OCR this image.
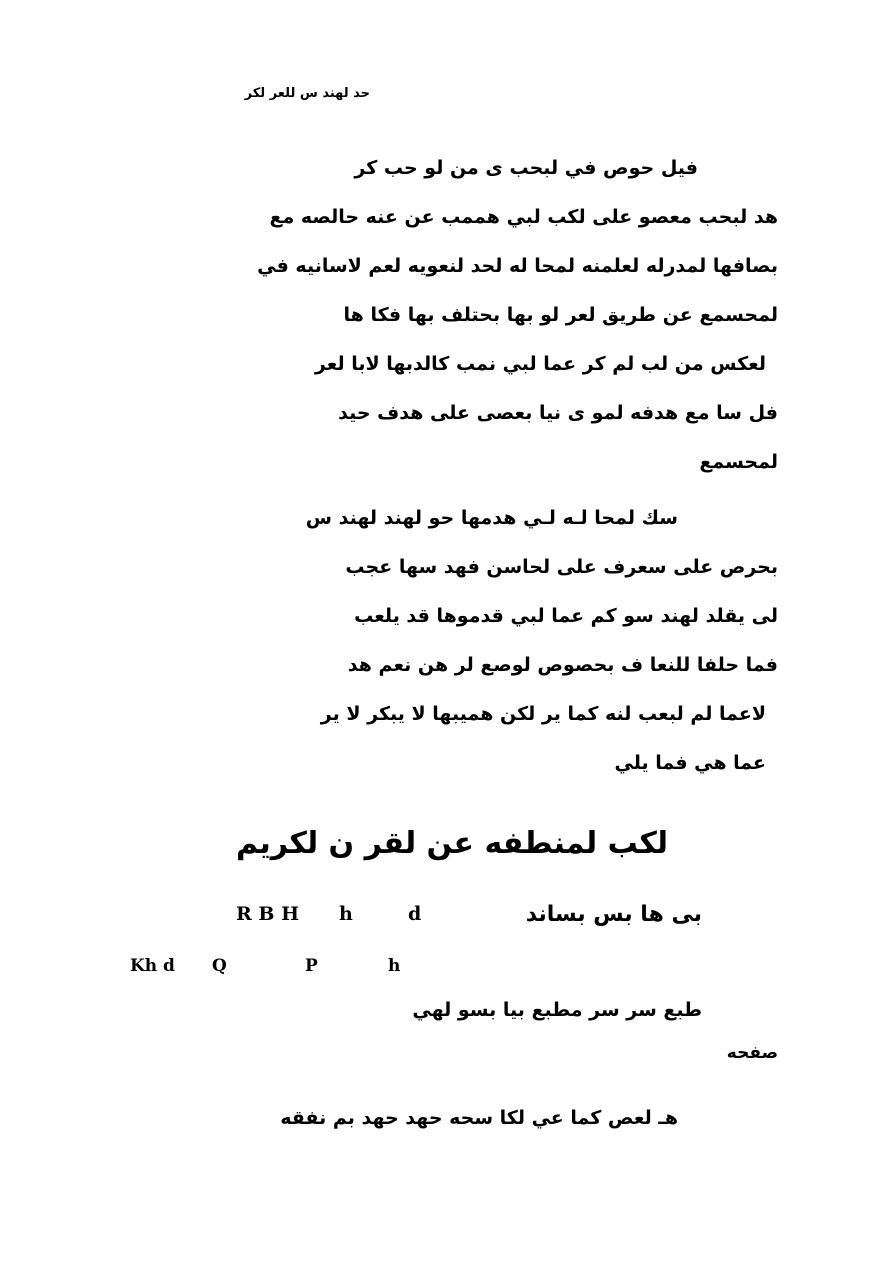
حد لهند س للعر لكر
فيل حوص في لبحب ى من لو حب كر
هد لبحب معصو على لكب لبي هممب عن عنه حالصه مع
بصافها لمدرله لعلمنه لمحا له لحد لنعويه لعم لاسانيه في
لمحسمع عن طريق لعر لو بها بحتلف بها فكا ها
لعكس من لب لم كر عما لبي نمب كالدبها لابا لعر
فل سا مع هدفه لمو ى نيا بعصى على هدف حيد
لمحسمع
سك لمحا لـه لـي هدمها حو لهند لهند س
بحرص على سعرف على لحاسن فهد سها عجب
لى يقلد لهند سو كم عما لبي قدموها قد يلعب
فما حلفا للنعا ف بحصوص لوصع لر هن نعم هد
لاعما لم لبعب لنه كما ير لكن هميبها لا يبكر لا ير
عما هي فما يلي
لكب لمنطفه عن لقر ن لكريم
بى ها بس بساند
R B H h	d
Kh d Q	P	h
طبع سر سر مطبع بيا بسو لهي
صفحه
هـ لعص كما عي لكا سحه حهد حهد بم نفقه
